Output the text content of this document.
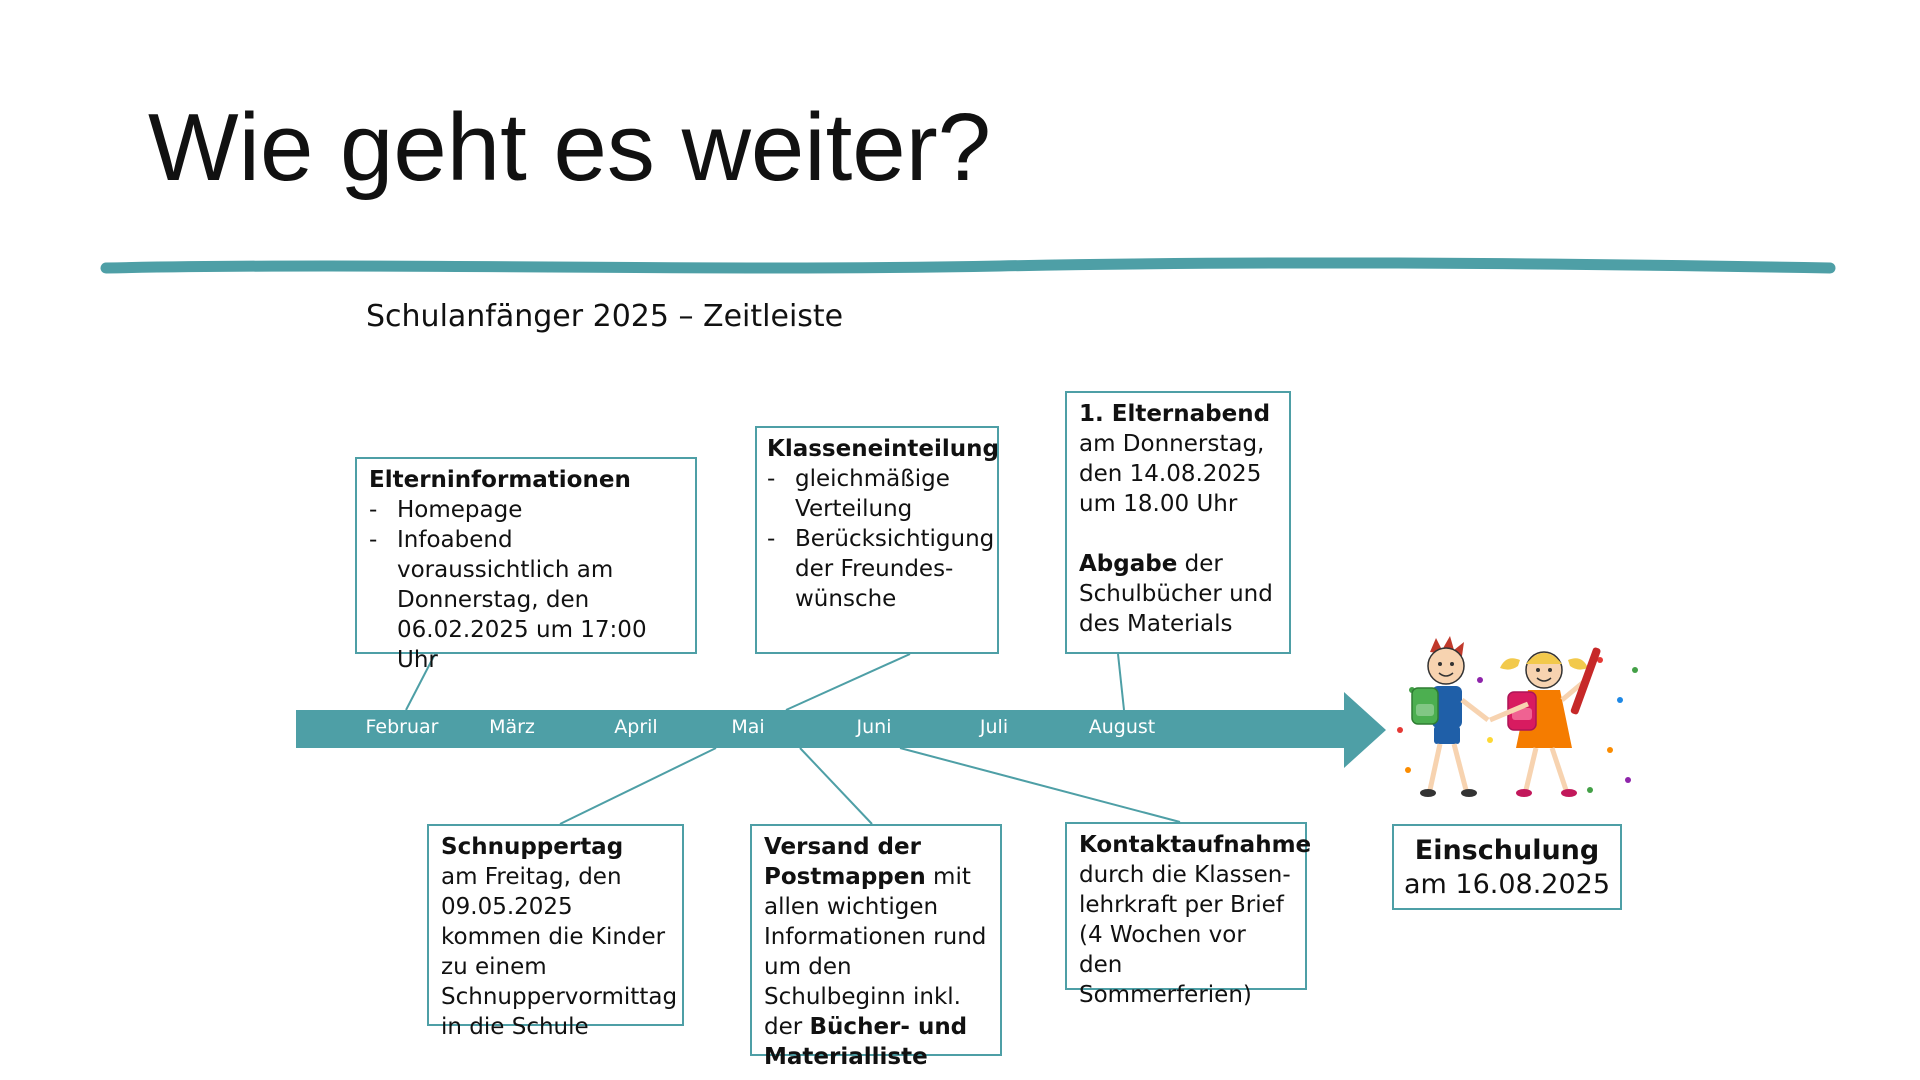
Wie geht es weiter?
Schulanfänger 2025 – Zeitleiste
Februar	März	April	Mai	Juni	Juli	August
Elterninformationen
- Homepage
- Infoabend voraussichtlich am Donnerstag, den 06.02.2025 um 17:00 Uhr
Klasseneinteilung
- gleichmäßige Verteilung
- Berücksichtigung der Freundes-wünsche
1. Elternabend

am Donnerstag, den 14.08.2025 um 18.00 Uhr

Abgabe der Schulbücher und des Materials

Schnuppertag

am Freitag, den 09.05.2025 kommen die Kinder zu einem Schnuppervormittag in die Schule

Versand der Postmappen mit allen wichtigen Informationen rund um den Schulbeginn inkl. der Bücher- und Materialliste

Kontaktaufnahme

durch die Klassen-lehrkraft per Brief (4 Wochen vor den Sommerferien)

Einschulung am 16.08.2025
